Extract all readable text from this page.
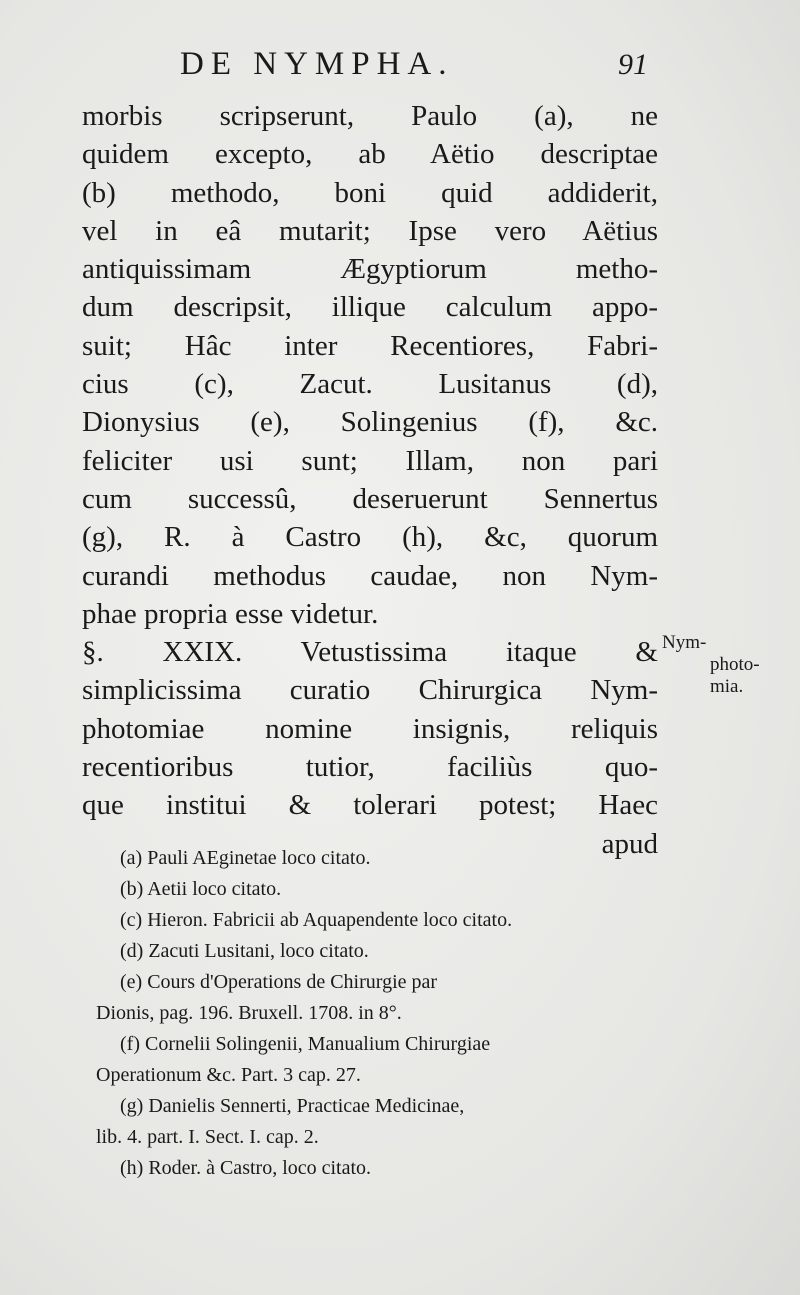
DE NYMPHA.	91
morbis scripserunt, Paulo (a), ne
quidem excepto, ab Aëtio descriptae
(b) methodo, boni quid addiderit,
vel in eâ mutarit; Ipse vero Aëtius
antiquissimam Ægyptiorum metho-
dum descripsit, illique calculum appo-
suit; Hâc inter Recentiores, Fabri-
cius (c), Zacut. Lusitanus (d),
Dionysius (e), Solingenius (f), &c.
feliciter usi sunt; Illam, non pari
cum successû, deseruerunt Sennertus
(g), R. à Castro (h), &c, quorum
curandi methodus caudae, non Nym-
phae propria esse videtur.
§. XXIX. Vetustissima itaque &
simplicissima curatio Chirurgica Nym-
photomiae nomine insignis, reliquis
recentioribus tutior, faciliùs quo-
que institui & tolerari potest; Haec
apud
Nym-
photo-
mia.
(a) Pauli AEginetae loco citato.
(b) Aetii loco citato.
(c) Hieron. Fabricii ab Aquapendente loco citato.
(d) Zacuti Lusitani, loco citato.
(e) Cours d'Operations de Chirurgie par
Dionis, pag. 196. Bruxell. 1708. in 8°.
(f) Cornelii Solingenii, Manualium Chirurgiae
Operationum &c. Part. 3 cap. 27.
(g) Danielis Sennerti, Practicae Medicinae,
lib. 4. part. I. Sect. I. cap. 2.
(h) Roder. à Castro, loco citato.
